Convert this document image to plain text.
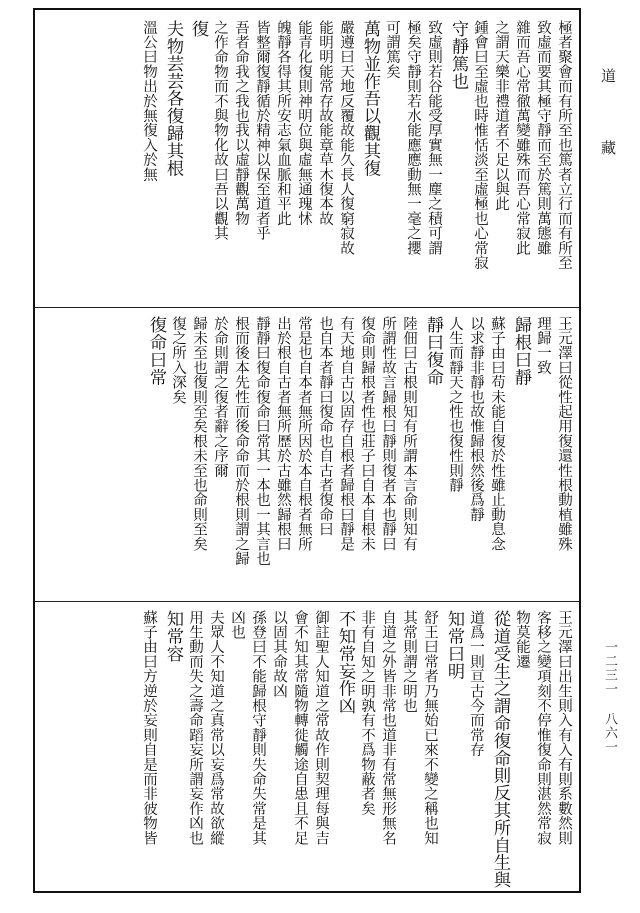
極者聚會而有所至也篤者立行而有所至
致虛而要其極守靜而至於篤則萬態雖
雜而吾心常徹萬變雖殊而吾心常寂此
之謂天樂非禮道者不足以與此
鍾會曰至虛也時惟恬淡至虛極也心常寂
守靜篤也
致虛則若谷能受厚實無一塵之積可謂
極矣守靜則若水能應應動無一毫之攖
可謂篤矣
萬物並作吾以觀其復
嚴遵曰天地反覆故能久長人復窮寂故
能明明能常存故能章草木復本故
能青化復則神明位與虛無通瑰怵
魄靜各得其所安志氣血脈和平此
皆整爾復靜循於精神以保至道者乎
吾者命我之我也我以虛靜觀萬物
之作命物而不與物化故曰吾以觀其
復
夫物芸芸各復歸其根
溫公曰物出於無復入於無
王元澤曰從性起用復還性根動植雖殊
理歸一致
歸根曰靜
蘇子由曰苟未能自復於性雖止動息念
以求靜非靜也故惟歸根然後爲靜
人生而靜天之性也復性則靜
靜曰復命
陸佃曰古根則知有所謂本言命則知有
所謂性故言歸根曰靜則復者本也靜曰
復命則歸根者性也莊子曰自本自根未
有天地自古以固存自根者歸根曰靜是
也自本者靜曰復命也自古者復命曰
常是也自本者無所因於本自根者無所
出於根自古者無所歷於古雖然歸根曰
靜靜曰復命復命曰常其一本也一其言也
根而後本先性而後命命而於根則謂之歸
於命則謂之復者辭之序爾
歸未至也復則至矣根未至也命則至矣
復之所入深矣
復命曰常
王元澤曰出生則入有入有則系數然則
客移之變項刻不停惟復命則湛然常寂
物莫能遷
從道受生之謂命復命則反其所自生與
道爲一則亘古今而常存
知常曰明
舒王曰常者乃無始已來不變之稱也知
其常則謂之明也
自道之外皆非常也道非有常無形無名
非有自知之明孰有不爲物蔽者矣
不知常妄作凶
御註聖人知道之常故作則契理每與吉
會不知其常隨物轉徙觸途自患且不足
以固其命故凶
孫登曰不能歸根守靜則失命失常是其
凶也
夫眾人不知道之真常以妄爲常故欲縱
用生動而失之壽命蹈妄所謂妄作凶也
知常容
蘇子由曰方逆於妄則自是而非彼物皆
道
藏
一二三一 八六一
